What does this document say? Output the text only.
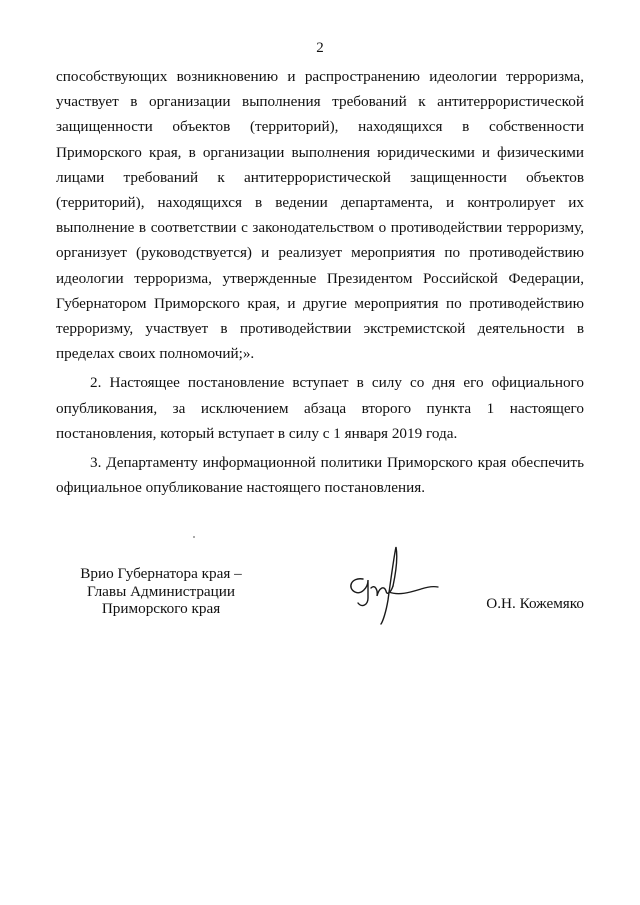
2

способствующих возникновению и распространению идеологии терроризма, участвует в организации выполнения требований к антитеррористической защищенности объектов (территорий), находящихся в собственности Приморского края, в организации выполнения юридическими и физическими лицами требований к антитеррористической защищенности объектов (территорий), находящихся в ведении департамента, и контролирует их выполнение в соответствии с законодательством о противодействии терроризму, организует (руководствуется) и реализует мероприятия по противодействию идеологии терроризма, утвержденные Президентом Российской Федерации, Губернатором Приморского края, и другие мероприятия по противодействию терроризму, участвует в противодействии экстремистской деятельности в пределах своих полномочий;».

2. Настоящее постановление вступает в силу со дня его официального опубликования, за исключением абзаца второго пункта 1 настоящего постановления, который вступает в силу с 1 января 2019 года.

3. Департаменту информационной политики Приморского края обеспечить официальное опубликование настоящего постановления.

Врио Губернатора края –
Главы Администрации
Приморского края	О.Н. Кожемяко
